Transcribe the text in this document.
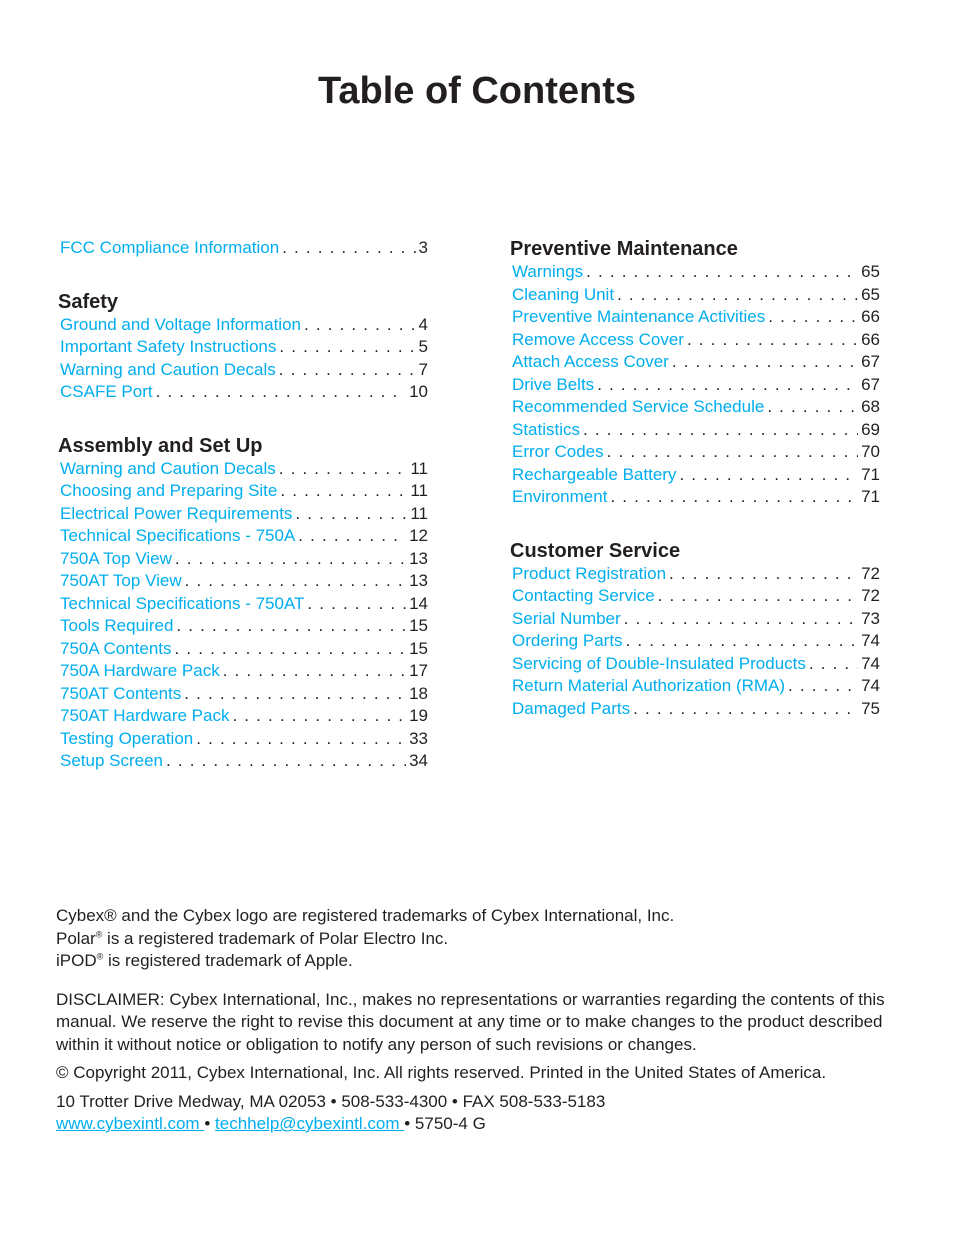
Table of Contents
FCC Compliance Information . . .	3
Safety
Ground and Voltage Information . . .	4
Important Safety Instructions . . .	5
Warning and Caution Decals . . .	7
CSAFE Port . . .	10
Assembly and Set Up
Warning and Caution Decals . . .	11
Choosing and Preparing Site . . .	11
Electrical Power Requirements . . .	11
Technical Specifications - 750A . . .	12
750A Top View . . .	13
750AT Top View . . .	13
Technical Specifications - 750AT . . .	14
Tools Required . . .	15
750A Contents . . .	15
750A Hardware Pack . . .	17
750AT Contents . . .	18
750AT Hardware Pack . . .	19
Testing Operation . . .	33
Setup Screen . . .	34
Preventive Maintenance
Warnings . . .	65
Cleaning Unit . . .	65
Preventive Maintenance Activities . . .	66
Remove Access Cover . . .	66
Attach Access Cover . . .	67
Drive Belts . . .	67
Recommended Service Schedule . . .	68
Statistics . . .	69
Error Codes . . .	70
Rechargeable Battery . . .	71
Environment . . .	71
Customer Service
Product Registration . . .	72
Contacting Service . . .	72
Serial Number . . .	73
Ordering Parts . . .	74
Servicing of Double-Insulated Products . . .	74
Return Material Authorization (RMA) . . .	74
Damaged Parts . . .	75

Cybex® and the Cybex logo are registered trademarks of Cybex International, Inc.

Polar® is a registered trademark of Polar Electro Inc.

iPOD® is registered trademark of Apple.

DISCLAIMER: Cybex International, Inc., makes no representations or warranties regarding the contents of this manual. We reserve the right to revise this document at any time or to make changes to the product described within it without notice or obligation to notify any person of such revisions or changes.

© Copyright 2011, Cybex International, Inc. All rights reserved. Printed in the United States of America.

10 Trotter Drive Medway, MA 02053 • 508-533-4300 • FAX 508-533-5183

www.cybexintl.com • techhelp@cybexintl.com • 5750-4 G
